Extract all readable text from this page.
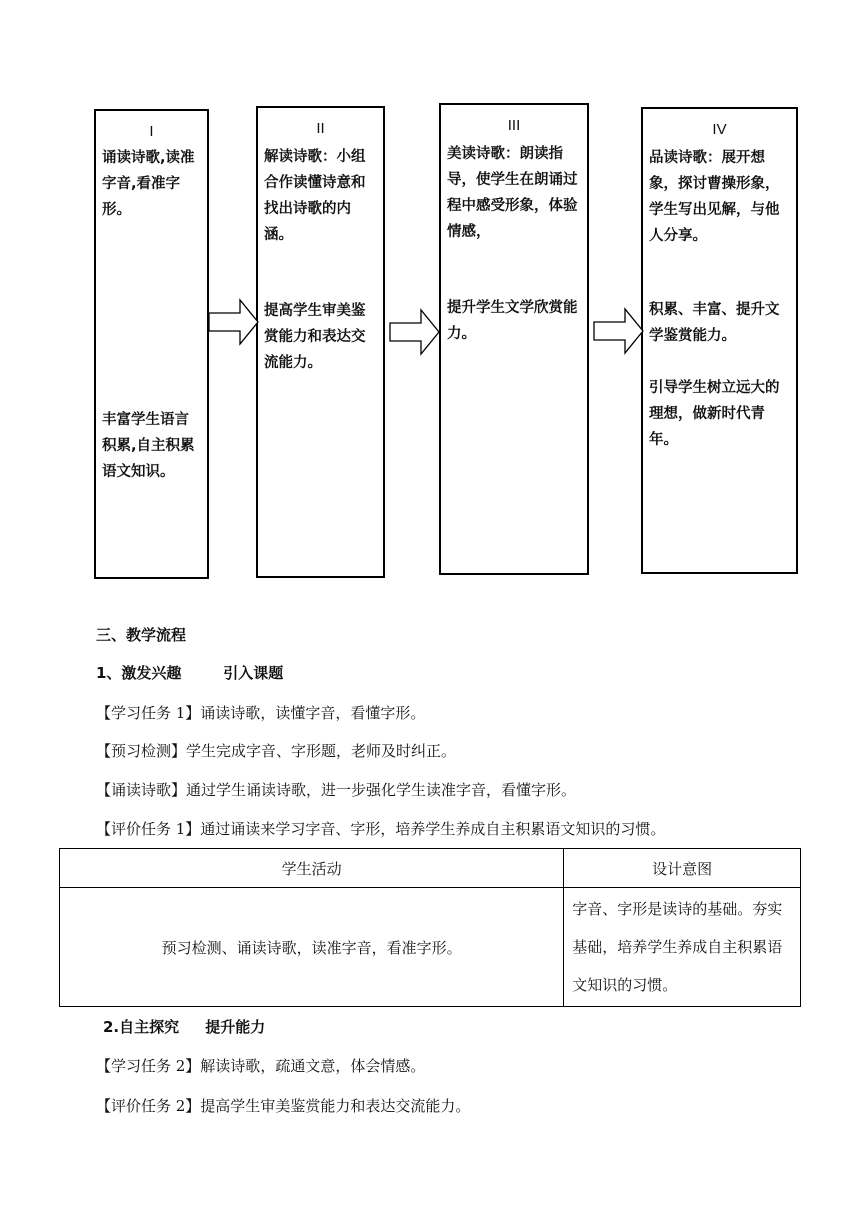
I
诵读诗歌,读准字音,看准字形。
丰富学生语言积累,自主积累语文知识。
II
解读诗歌：小组合作读懂诗意和找出诗歌的内涵。
提高学生审美鉴赏能力和表达交流能力。
III
美读诗歌：朗读指导，使学生在朗诵过程中感受形象，体验情感，
提升学生文学欣赏能力。
IV
品读诗歌：展开想象，探讨曹操形象，学生写出见解，与他人分享。
积累、丰富、提升文学鉴赏能力。
引导学生树立远大的理想，做新时代青年。
三、教学流程
1、激发兴趣        引入课题
【学习任务 1】诵读诗歌，读懂字音，看懂字形。
【预习检测】学生完成字音、字形题，老师及时纠正。
【诵读诗歌】通过学生诵读诗歌，进一步强化学生读准字音，看懂字形。
【评价任务 1】通过诵读来学习字音、字形，培养学生养成自主积累语文知识的习惯。
学生活动	设计意图
预习检测、诵读诗歌，读准字音，看准字形。	字音、字形是读诗的基础。夯实基础，培养学生养成自主积累语文知识的习惯。
2.自主探究     提升能力
【学习任务 2】解读诗歌，疏通文意，体会情感。
【评价任务 2】提高学生审美鉴赏能力和表达交流能力。
